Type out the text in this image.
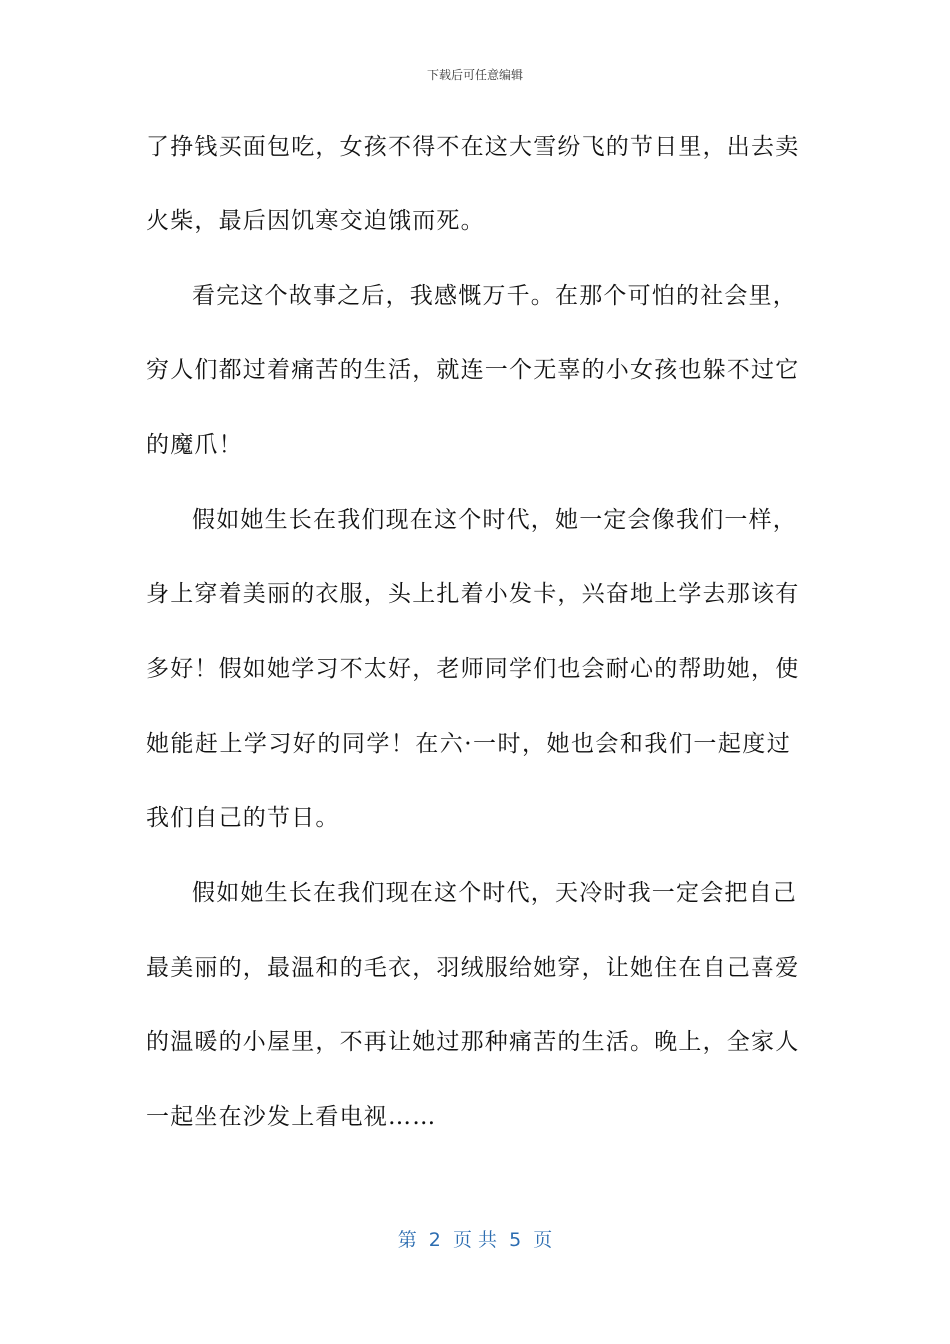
下载后可任意编辑
了挣钱买面包吃，女孩不得不在这大雪纷飞的节日里，出去卖
火柴，最后因饥寒交迫饿而死。
看完这个故事之后，我感慨万千。在那个可怕的社会里，
穷人们都过着痛苦的生活，就连一个无辜的小女孩也躲不过它
的魔爪！
假如她生长在我们现在这个时代，她一定会像我们一样，
身上穿着美丽的衣服，头上扎着小发卡，兴奋地上学去那该有
多好！假如她学习不太好，老师同学们也会耐心的帮助她，使
她能赶上学习好的同学！在六·一时，她也会和我们一起度过
我们自己的节日。
假如她生长在我们现在这个时代，天冷时我一定会把自己
最美丽的，最温和的毛衣，羽绒服给她穿，让她住在自己喜爱
的温暖的小屋里，不再让她过那种痛苦的生活。晚上，全家人
一起坐在沙发上看电视……
第  2  页 共  5  页
